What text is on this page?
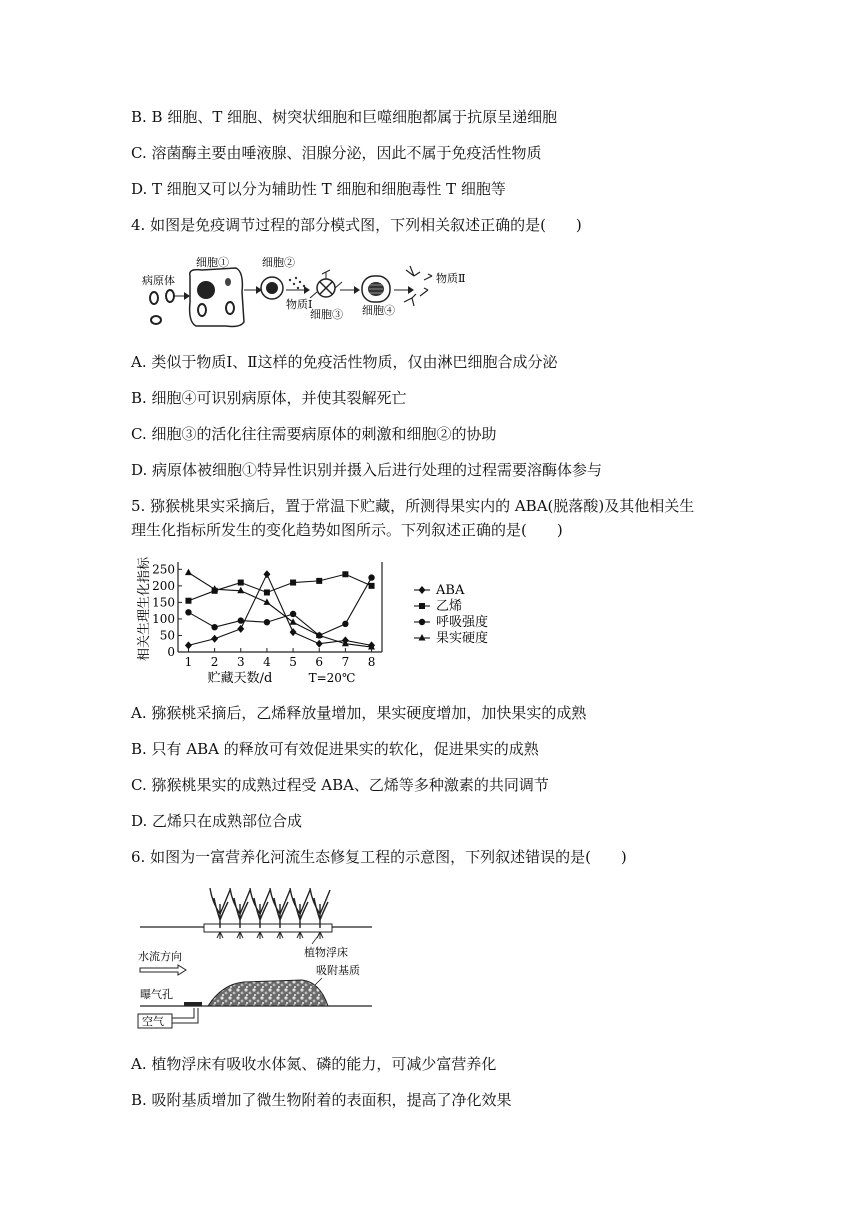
B. B 细胞、T 细胞、树突状细胞和巨噬细胞都属于抗原呈递细胞
C. 溶菌酶主要由唾液腺、泪腺分泌，因此不属于免疫活性物质
D. T 细胞又可以分为辅助性 T 细胞和细胞毒性 T 细胞等
4. 如图是免疫调节过程的部分模式图，下列相关叙述正确的是(　　)
病原体
细胞①	细胞②
物质Ⅰ
细胞③ 细胞④
物质Ⅱ
A. 类似于物质Ⅰ、Ⅱ这样的免疫活性物质，仅由淋巴细胞合成分泌
B. 细胞④可识别病原体，并使其裂解死亡
C. 细胞③的活化往往需要病原体的刺激和细胞②的协助
D. 病原体被细胞①特异性识别并摄入后进行处理的过程需要溶酶体参与
5. 猕猴桃果实采摘后，置于常温下贮藏，所测得果实内的 ABA(脱落酸)及其他相关生
理生化指标所发生的变化趋势如图所示。下列叙述正确的是(　　)
相关生理生化指标 0
50
100
150
200
250
1 2 3 4 5 6 7 8
贮藏天数/d	T=20℃
ABA
乙烯
呼吸强度
果实硬度
A. 猕猴桃采摘后，乙烯释放量增加，果实硬度增加，加快果实的成熟
B. 只有 ABA 的释放可有效促进果实的软化，促进果实的成熟
C. 猕猴桃果实的成熟过程受 ABA、乙烯等多种激素的共同调节
D. 乙烯只在成熟部位合成
6. 如图为一富营养化河流生态修复工程的示意图，下列叙述错误的是(　　)
植物浮床
水流方向
吸附基质
曝气孔
空气
A. 植物浮床有吸收水体氮、磷的能力，可减少富营养化
B. 吸附基质增加了微生物附着的表面积，提高了净化效果
